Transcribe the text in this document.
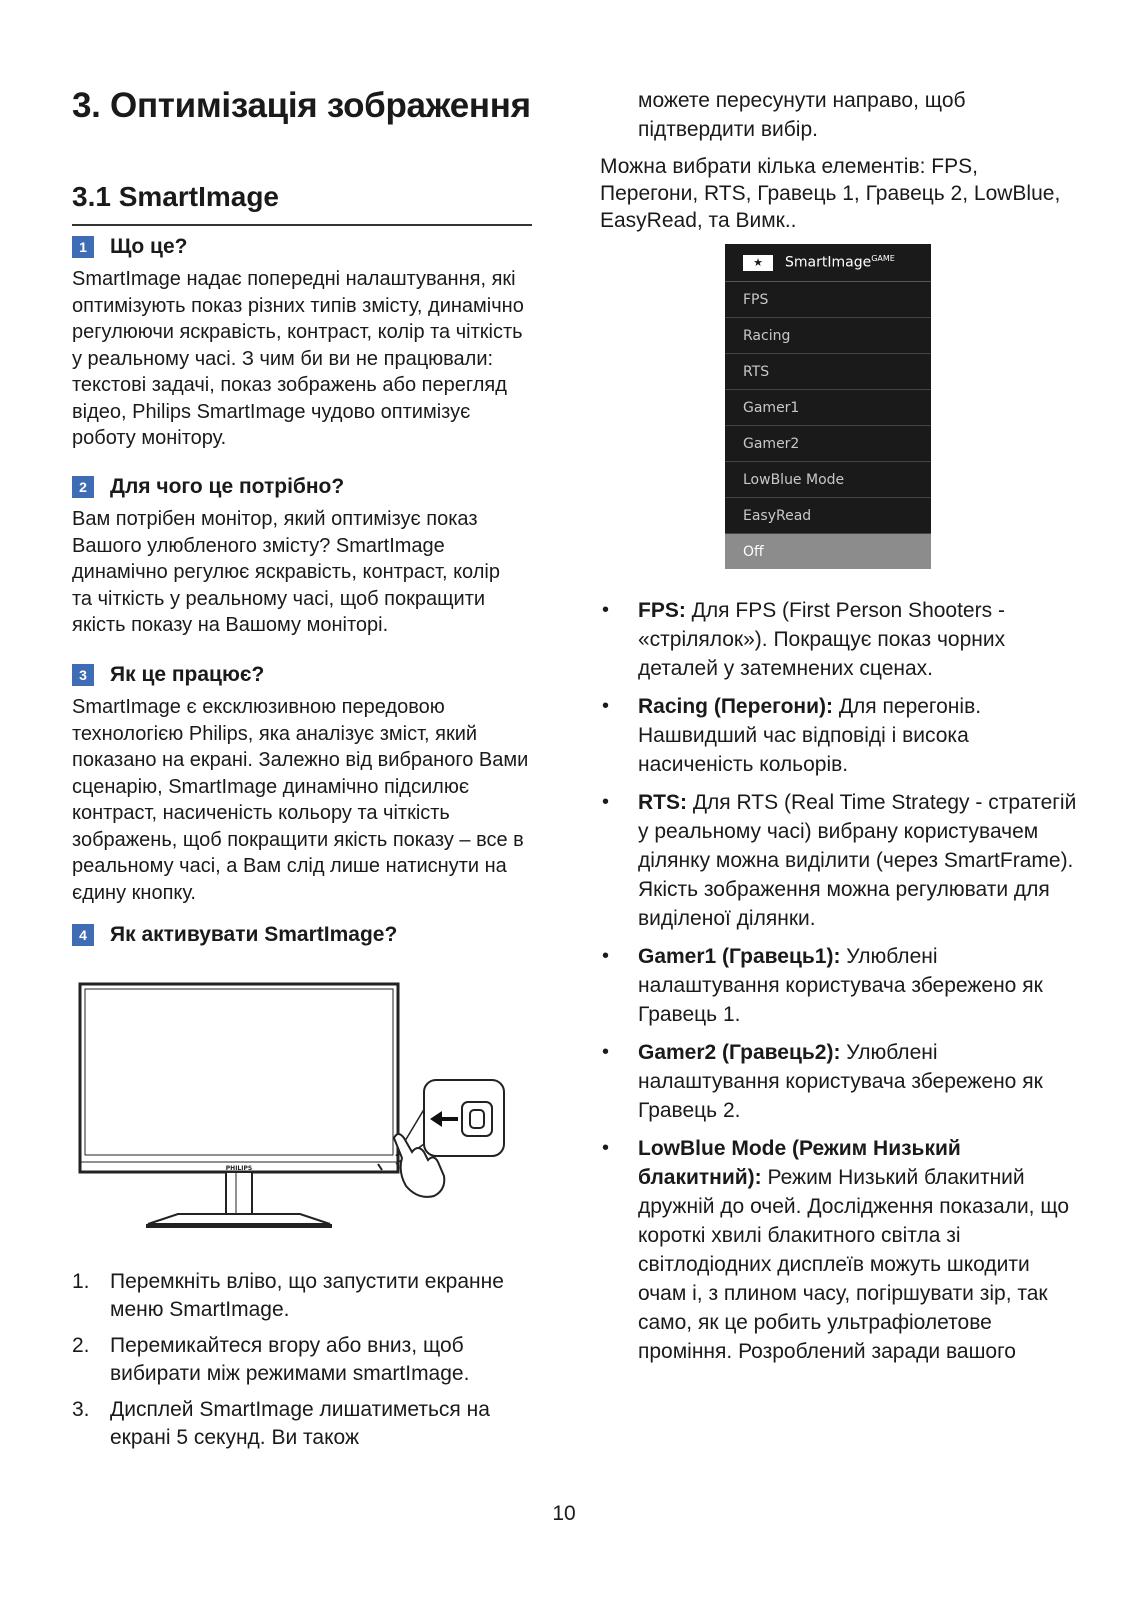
3. Оптимізація зображення
3.1 SmartImage
1	Що це?

SmartImage надає попередні налаштування, які оптимізують показ різних типів змісту, динамічно регулюючи яскравість, контраст, колір та чіткість у реальному часі. З чим би ви не працювали: текстові задачі, показ зображень або перегляд відео, Philips SmartImage чудово оптимізує роботу монітору.

2	Для чого це потрібно?

Вам потрібен монітор, який оптимізує показ Вашого улюбленого змісту? SmartImage динамічно регулює яскравість, контраст, колір та чіткість у реальному часі, щоб покращити якість показу на Вашому моніторі.

3	Як це працює?

SmartImage є ексклюзивною передовою технологією Philips, яка аналізує зміст, який показано на екрані. Залежно від вибраного Вами сценарію, SmartImage динамічно підсилює контраст, насиченість кольору та чіткість зображень, щоб покращити якість показу – все в реальному часі, а Вам слід лише натиснути на єдину кнопку.

4	Як активувати SmartImage?
PHILIPS
1. Перемкніть вліво, що запустити екранне меню SmartImage.
2. Перемикайтеся вгору або вниз, щоб вибирати між режимами smartImage.
3. Дисплей SmartImage лишатиметься на екрані 5 секунд. Ви також

можете пересунути направо, щоб підтвердити вибір.

Можна вибрати кілька елементів: FPS, Перегони, RTS, Гравець 1, Гравець 2, LowBlue, EasyRead, та Вимк..

★	SmartImage$^{GAME}$
FPS
Racing
RTS
Gamer1
Gamer2
LowBlue Mode
EasyRead
Off
• FPS: Для FPS (First Person Shooters - «стрілялок»). Покращує показ чорних деталей у затемнених сценах.
• Racing (Перегони): Для перегонів. Нашвидший час відповіді і висока насиченість кольорів.
• RTS: Для RTS (Real Time Strategy - стратегій у реальному часі) вибрану користувачем ділянку можна виділити (через SmartFrame). Якість зображення можна регулювати для виділеної ділянки.
• Gamer1 (Гравець1): Улюблені налаштування користувача збережено як Гравець 1.
• Gamer2 (Гравець2): Улюблені налаштування користувача збережено як Гравець 2.
• LowBlue Mode (Режим Низький блакитний): Режим Низький блакитний дружній до очей. Дослідження показали, що короткі хвилі блакитного світла зі світлодіодних дисплеїв можуть шкодити очам і, з плином часу, погіршувати зір, так само, як це робить ультрафіолетове проміння. Розроблений заради вашого
10
